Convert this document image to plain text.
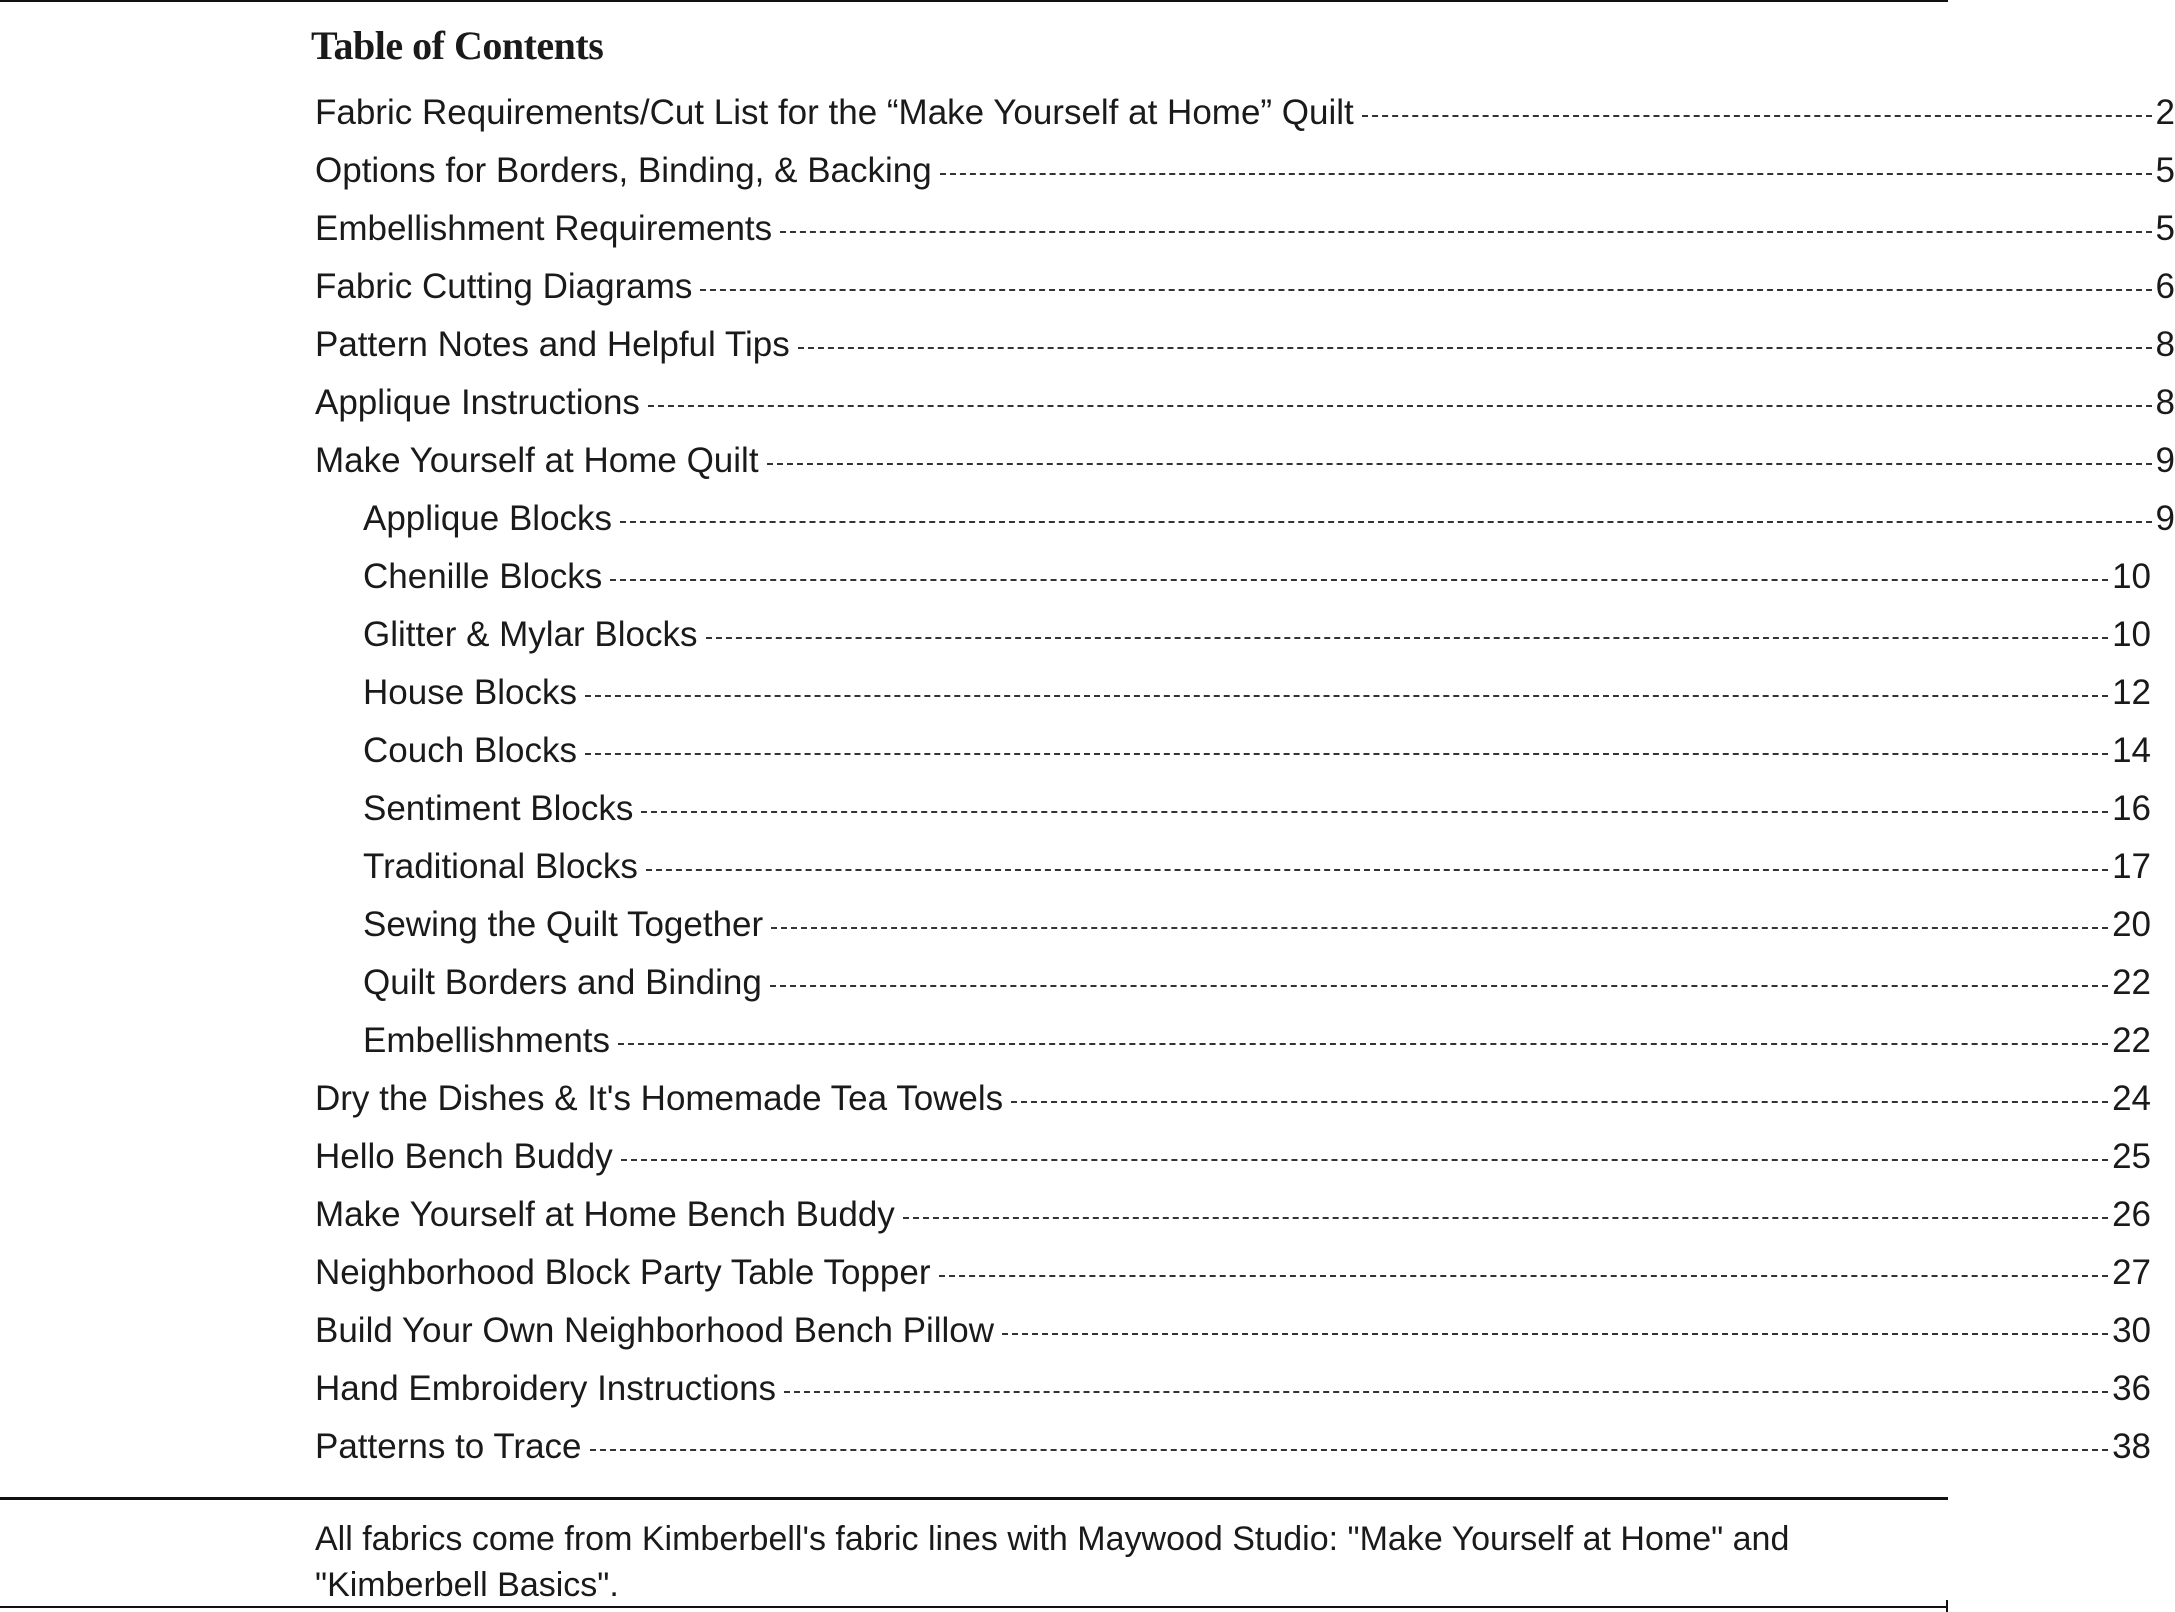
Table of Contents
Fabric Requirements/Cut List for the “Make Yourself at Home” Quilt	2
Options for Borders, Binding, & Backing	5
Embellishment Requirements	5
Fabric Cutting Diagrams	6
Pattern Notes and Helpful Tips	8
Applique Instructions	8
Make Yourself at Home Quilt	9
Applique Blocks	9
Chenille Blocks	10
Glitter & Mylar Blocks	10
House Blocks	12
Couch Blocks	14
Sentiment Blocks	16
Traditional Blocks	17
Sewing the Quilt Together	20
Quilt Borders and Binding	22
Embellishments	22
Dry the Dishes & It's Homemade Tea Towels	24
Hello Bench Buddy	25
Make Yourself at Home Bench Buddy	26
Neighborhood Block Party Table Topper	27
Build Your Own Neighborhood Bench Pillow	30
Hand Embroidery Instructions	36
Patterns to Trace	38

All fabrics come from Kimberbell's fabric lines with Maywood Studio: "Make Yourself at Home" and "Kimberbell Basics".
